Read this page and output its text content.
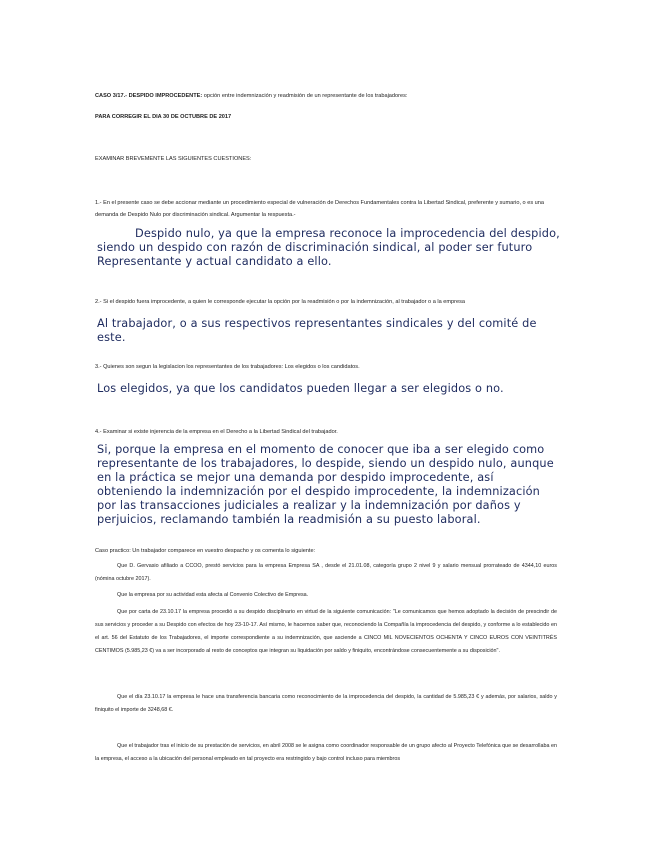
CASO 3/17.- DESPIDO IMPROCEDENTE: opción entre indemnización y readmisión de un representante de los trabajadores:

PARA CORREGIR EL DIA 30 DE OCTUBRE DE 2017

EXAMINAR BREVEMENTE LAS SIGUIENTES CUESTIONES:

1.- En el presente caso se debe accionar mediante un procedimiento especial de vulneración de Derechos Fundamentales contra la Libertad Sindical, preferente y sumario, o es una demanda de Despido Nulo por discriminación sindical. Argumentar la respuesta.-

Despido nulo, ya que la empresa reconoce la improcedencia del despido, siendo un despido con razón de discriminación sindical, al poder ser futuro Representante y actual candidato a ello.

2.- Si el despido fuera improcedente, a quien le corresponde ejecutar la opción por la readmisión o por la indemnización, al trabajador o a la empresa

Al trabajador, o a sus respectivos representantes sindicales y del comité de este.

3.- Quienes son segun la legislacion los representantes de los trabajadores: Los elegidos o los candidatos.

Los elegidos, ya que los candidatos pueden llegar a ser elegidos o no.

4.- Examinar si existe injerencia de la empresa en el Derecho a la Libertad Sindical del trabajador.

Si, porque la empresa en el momento de conocer que iba a ser elegido como representante de los trabajadores, lo despide, siendo un despido nulo, aunque en la práctica se mejor una demanda por despido improcedente, así obteniendo la indemnización por el despido improcedente, la indemnización por las transacciones judiciales a realizar y la indemnización por daños y perjuicios, reclamando también la readmisión a su puesto laboral.

Caso practico: Un trabajador comparece en vuestro despacho y os comenta lo siguiente:

Que D. Gervasio afiliado a CCOO, prestó servicios para la empresa Empresa SA , desde el 21.01.08, categoría grupo 2 nivel 9 y salario mensual prorrateado de 4344,10 euros (nómina octubre 2017).

Que la empresa por su actividad esta afecta al Convenio Colectivo de Empresa.

Que por carta de 23.10.17 la empresa procedió a su despido disciplinario en virtud de la siguiente comunicación: "Le comunicamos que hemos adoptado la decisión de prescindir de sus servicios y proceder a su Despido con efectos de hoy 23-10-17. Así mismo, le hacemos saber que, reconociendo la Compañía la improcedencia del despido, y conforme a lo establecido en el art. 56 del Estatuto de los Trabajadores, el importe correspondiente a su indemnización, que asciende a CINCO MIL NOVECIENTOS OCHENTA Y CINCO EUROS CON VEINTITRÉS CENTIMOS (5.985,23 €) va a ser incorporado al resto de conceptos que integran su liquidación por saldo y finiquito, encontrándose consecuentemente a su disposición".

Que el día 23.10.17 la empresa le hace una transferencia bancaria como reconocimiento de la improcedencia del despido, la cantidad de 5.985,23 € y además, por salarios, saldo y finiquito el importe de 3248,68 €.

Que el trabajador tras el inicio de su prestación de servicios, en abril 2008 se le asigna como coordinador responsable de un grupo afecto al Proyecto Telefónica que se desarrollaba en la empresa, el acceso a la ubicación del personal empleado en tal proyecto era restringido y bajo control incluso para miembros
